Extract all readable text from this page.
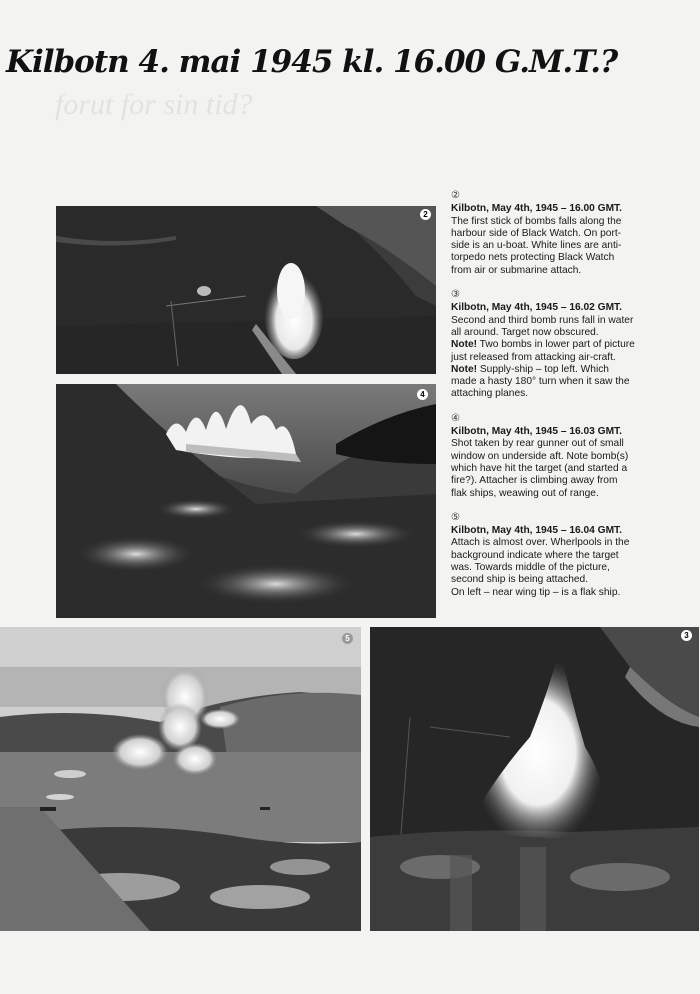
Kilbotn 4. mai 1945 kl. 16.00 G.M.T.?
forut for sin tid?
2
4
5	3
②
Kilbotn, May 4th, 1945 – 16.00 GMT.

The first stick of bombs falls along the harbour side of Black Watch. On port-side is an u-boat. White lines are anti-torpedo nets protecting Black Watch from air or submarine attach.

③
Kilbotn, May 4th, 1945 – 16.02 GMT.

Second and third bomb runs fall in water all around. Target now obscured.

Note! Two bombs in lower part of picture just released from attacking air-craft.

Note! Supply-ship – top left. Which made a hasty 180° turn when it saw the attaching planes.

④
Kilbotn, May 4th, 1945 – 16.03 GMT.

Shot taken by rear gunner out of small window on underside aft. Note bomb(s) which have hit the target (and started a fire?). Attacher is climbing away from flak ships, weawing out of range.

⑤
Kilbotn, May 4th, 1945 – 16.04 GMT.

Attach is almost over. Wherlpools in the background indicate where the target was. Towards middle of the picture, second ship is being attached.

On left – near wing tip – is a flak ship.
